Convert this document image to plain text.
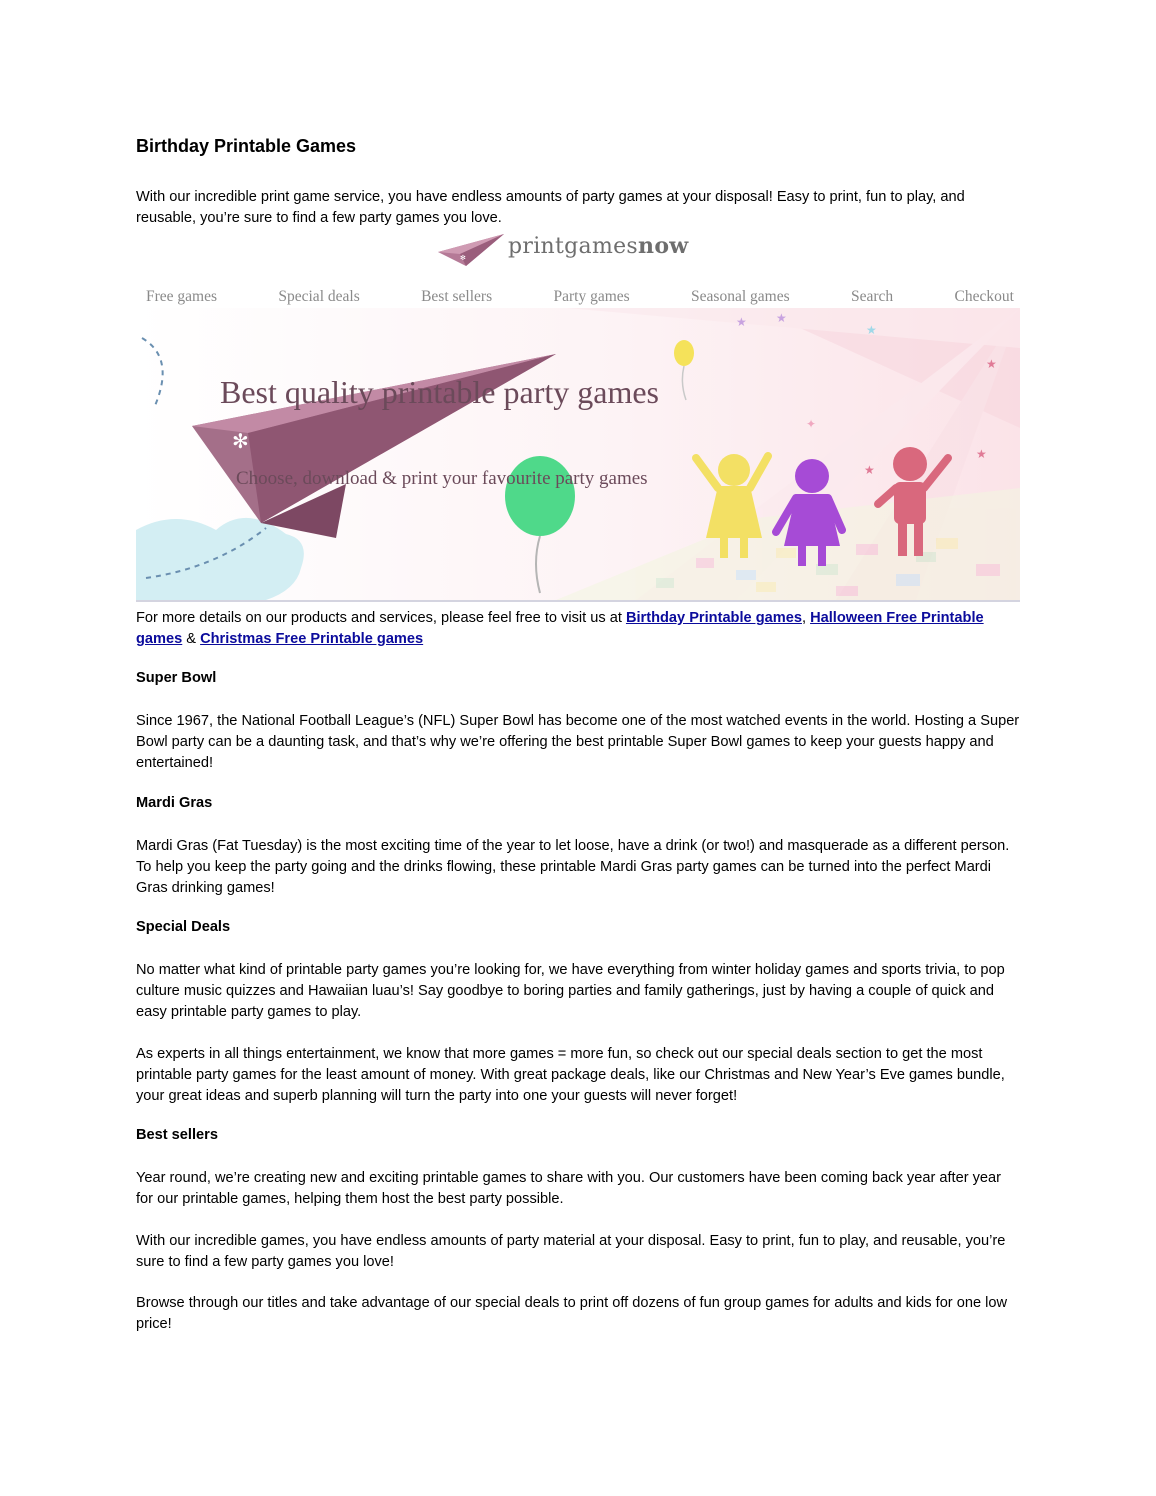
Birthday Printable Games

With our incredible print game service, you have endless amounts of party games at your disposal! Easy to print, fun to play, and reusable, you’re sure to find a few party games you love.

✻ printgamesnow
Free games	Special deals	Best sellers	Party games	Seasonal games	Search	Checkout
✻
★ ★
★
★
★
★
✦
Best quality printable party games
Choose, download & print your favourite party games

For more details on our products and services, please feel free to visit us at Birthday Printable games, Halloween Free Printable games & Christmas Free Printable games

Super Bowl

Since 1967, the National Football League’s (NFL) Super Bowl has become one of the most watched events in the world. Hosting a Super Bowl party can be a daunting task, and that’s why we’re offering the best printable Super Bowl games to keep your guests happy and entertained!

Mardi Gras

Mardi Gras (Fat Tuesday) is the most exciting time of the year to let loose, have a drink (or two!) and masquerade as a different person. To help you keep the party going and the drinks flowing, these printable Mardi Gras party games can be turned into the perfect Mardi Gras drinking games!

Special Deals

No matter what kind of printable party games you’re looking for, we have everything from winter holiday games and sports trivia, to pop culture music quizzes and Hawaiian luau’s! Say goodbye to boring parties and family gatherings, just by having a couple of quick and easy printable party games to play.

As experts in all things entertainment, we know that more games = more fun, so check out our special deals section to get the most printable party games for the least amount of money. With great package deals, like our Christmas and New Year’s Eve games bundle, your great ideas and superb planning will turn the party into one your guests will never forget!

Best sellers

Year round, we’re creating new and exciting printable games to share with you. Our customers have been coming back year after year for our printable games, helping them host the best party possible.

With our incredible games, you have endless amounts of party material at your disposal. Easy to print, fun to play, and reusable, you’re sure to find a few party games you love!

Browse through our titles and take advantage of our special deals to print off dozens of fun group games for adults and kids for one low price!
